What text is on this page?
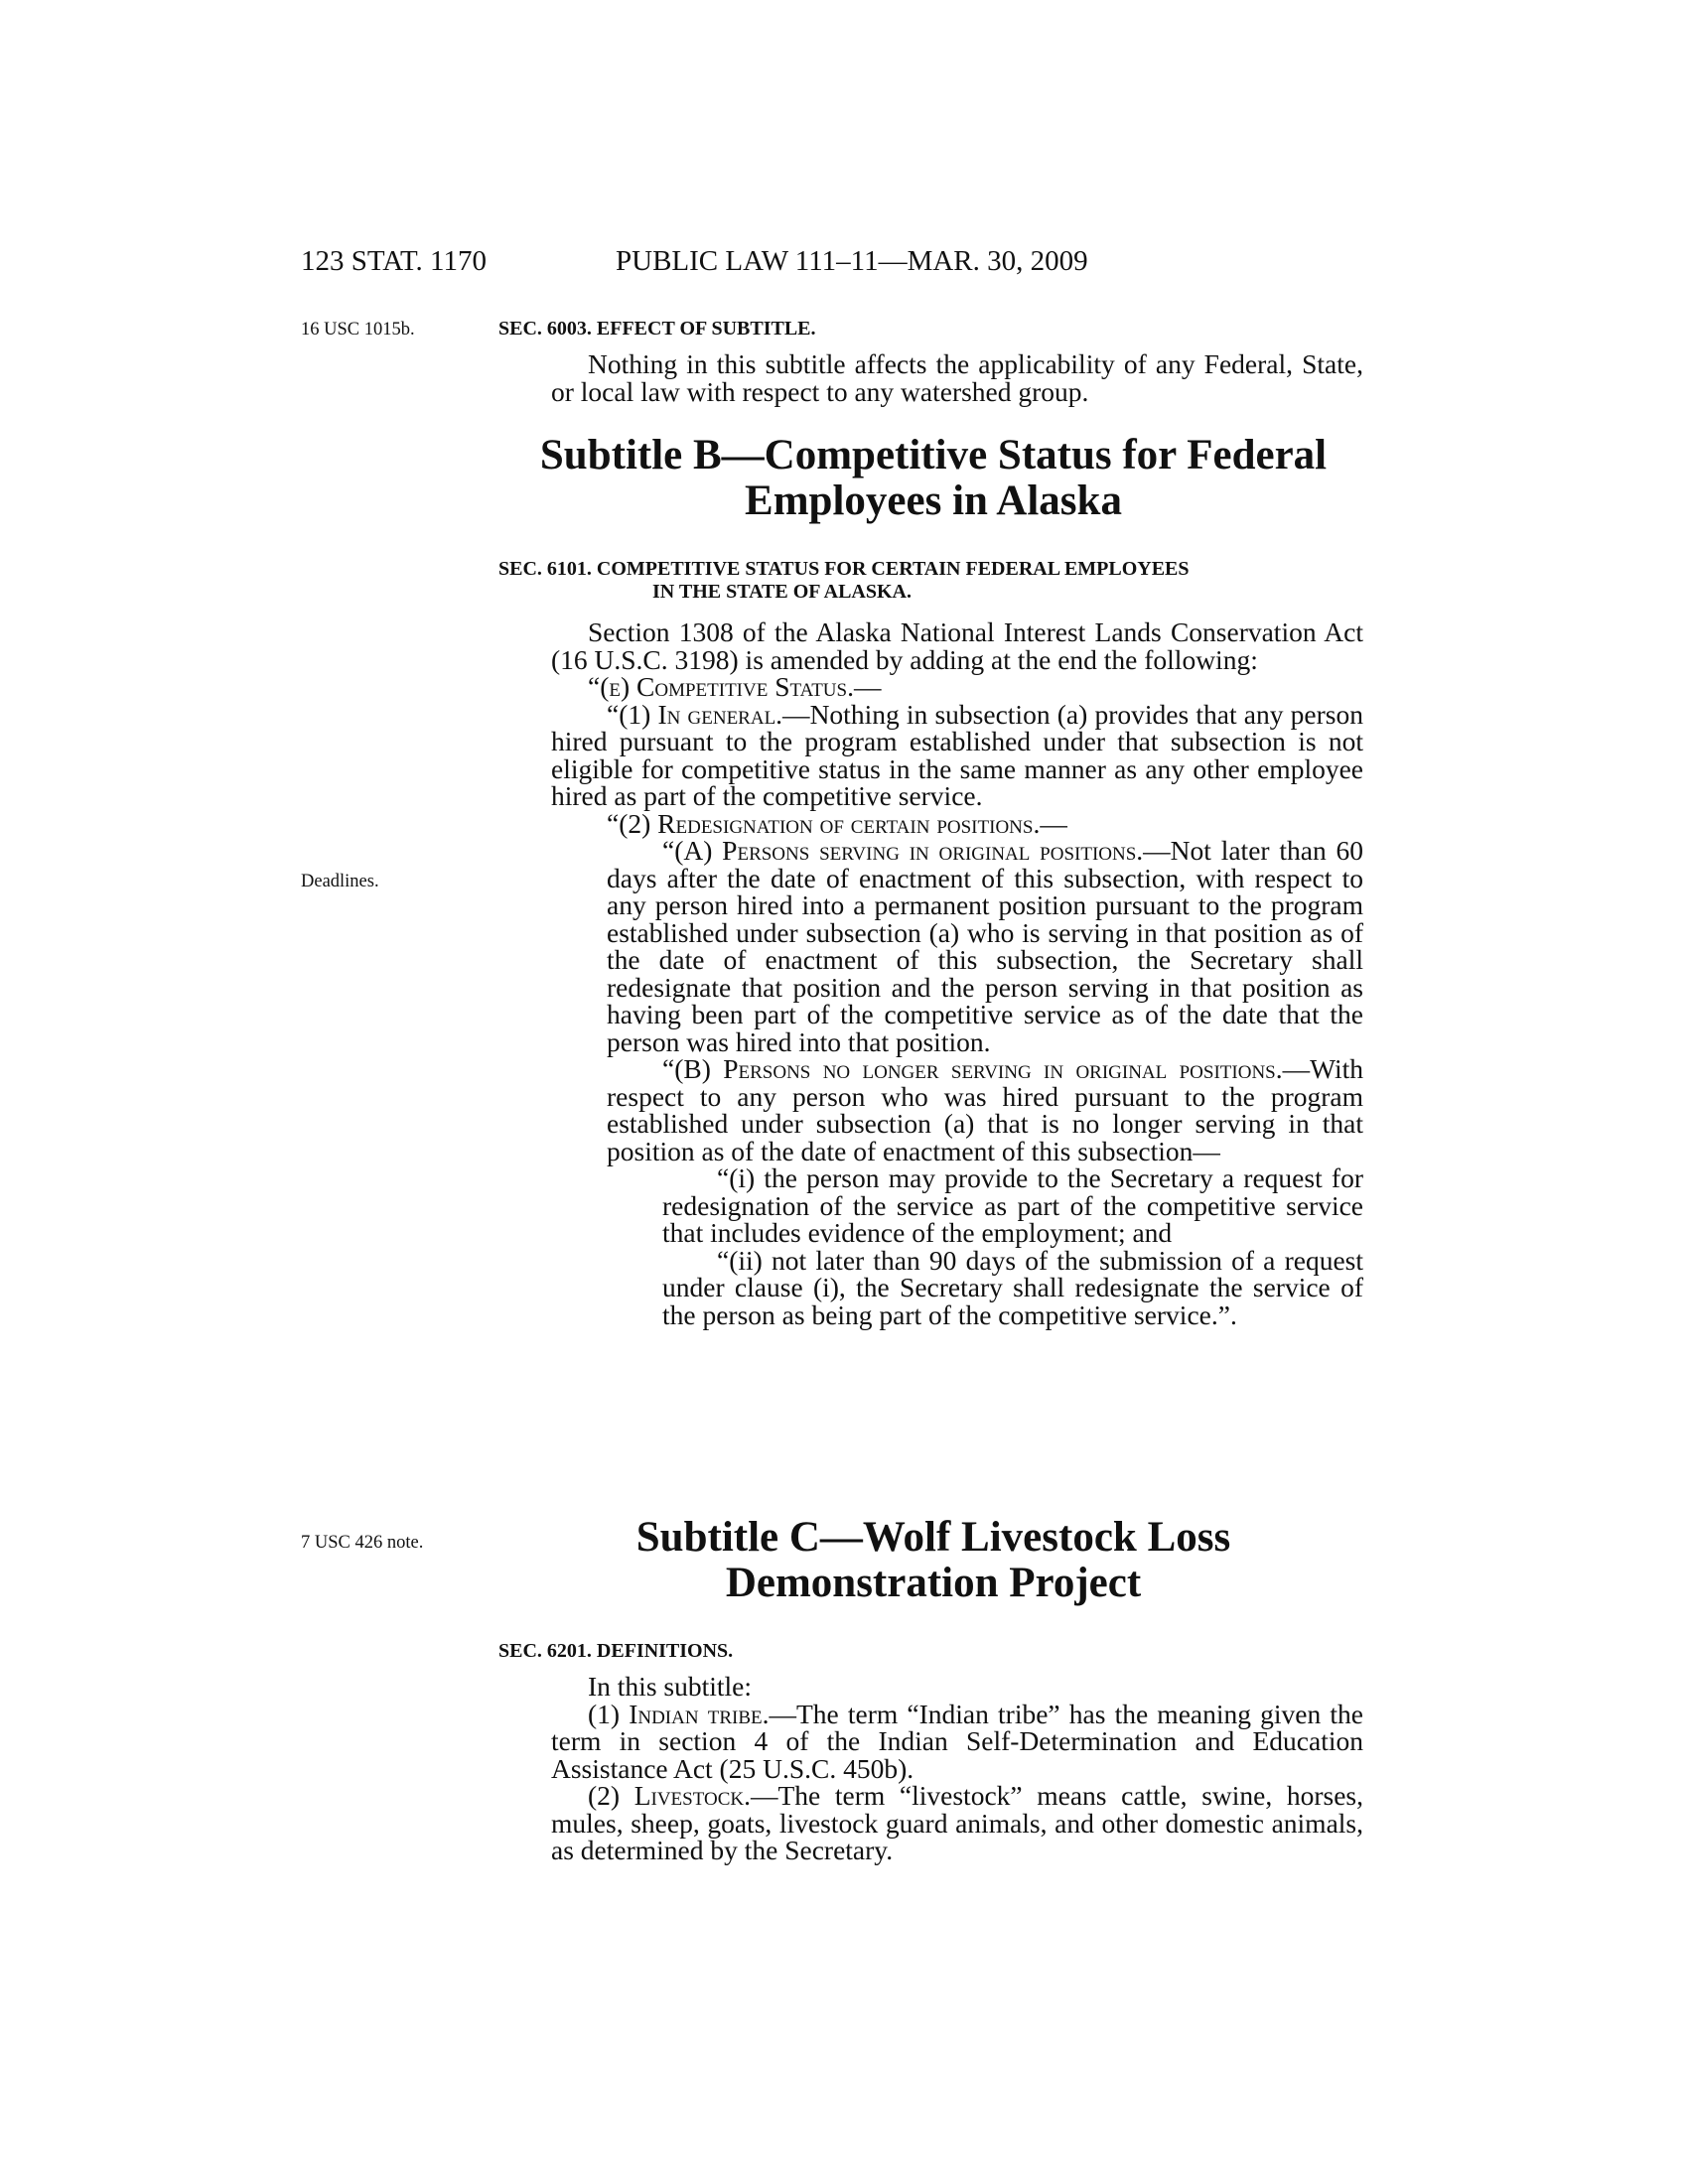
123 STAT. 1170	PUBLIC LAW 111–11—MAR. 30, 2009
16 USC 1015b.
Deadlines.
7 USC 426 note.
SEC. 6003. EFFECT OF SUBTITLE.

Nothing in this subtitle affects the applicability of any Federal, State, or local law with respect to any watershed group.

Subtitle B—Competitive Status for Federal
Employees in Alaska
SEC. 6101. COMPETITIVE STATUS FOR CERTAIN FEDERAL EMPLOYEES
IN THE STATE OF ALASKA.

Section 1308 of the Alaska National Interest Lands Conservation Act (16 U.S.C. 3198) is amended by adding at the end the following:

“(e) Competitive Status.—

“(1) In general.—Nothing in subsection (a) provides that any person hired pursuant to the program established under that subsection is not eligible for competitive status in the same manner as any other employee hired as part of the competitive service.

“(2) Redesignation of certain positions.—

“(A) Persons serving in original positions.—Not later than 60 days after the date of enactment of this subsection, with respect to any person hired into a permanent position pursuant to the program established under subsection (a) who is serving in that position as of the date of enactment of this subsection, the Secretary shall redesignate that position and the person serving in that position as having been part of the competitive service as of the date that the person was hired into that position.

“(B) Persons no longer serving in original positions.—With respect to any person who was hired pursuant to the program established under subsection (a) that is no longer serving in that position as of the date of enactment of this subsection—

“(i) the person may provide to the Secretary a request for redesignation of the service as part of the competitive service that includes evidence of the employment; and

“(ii) not later than 90 days of the submission of a request under clause (i), the Secretary shall redesignate the service of the person as being part of the competitive service.”.

Subtitle C—Wolf Livestock Loss
Demonstration Project
SEC. 6201. DEFINITIONS.

In this subtitle:

(1) Indian tribe.—The term “Indian tribe” has the meaning given the term in section 4 of the Indian Self-Determination and Education Assistance Act (25 U.S.C. 450b).

(2) Livestock.—The term “livestock” means cattle, swine, horses, mules, sheep, goats, livestock guard animals, and other domestic animals, as determined by the Secretary.
